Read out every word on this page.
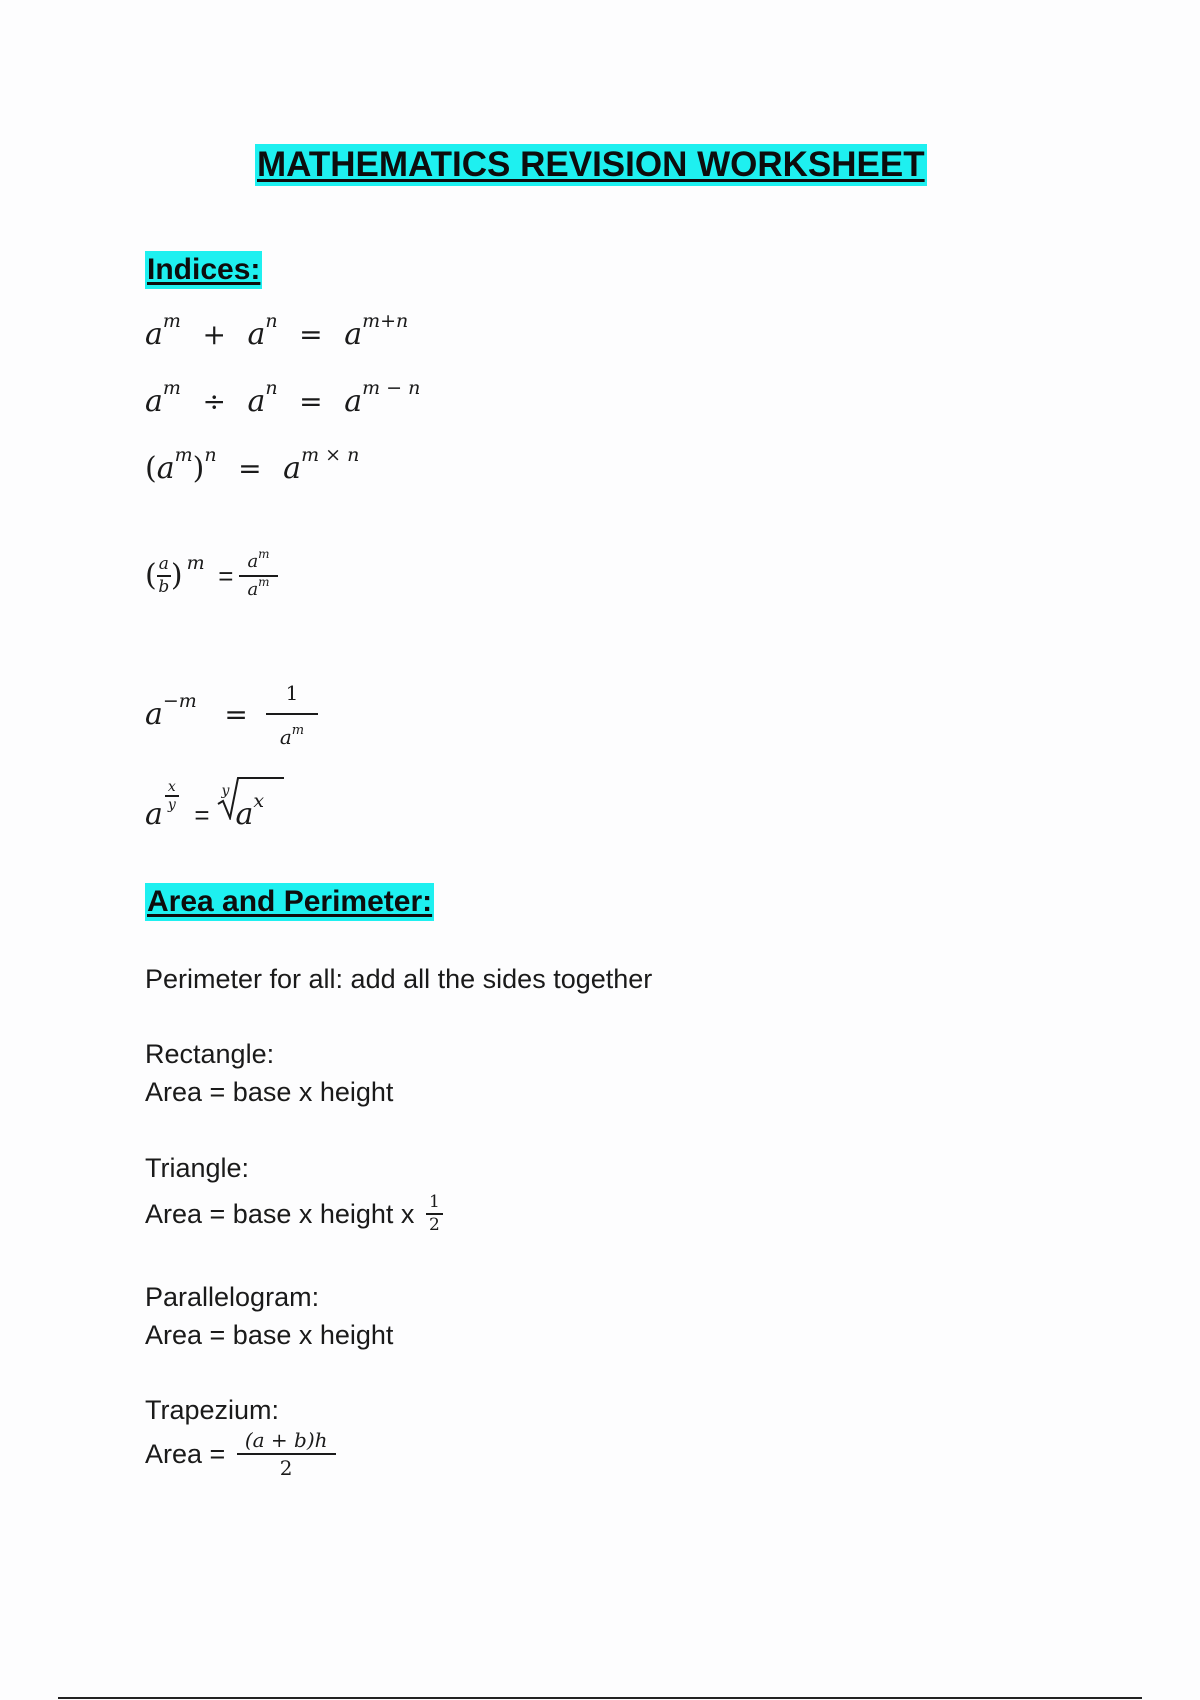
MATHEMATICS REVISION WORKSHEET
Indices:
$a^m + a^n = a^{m+n}$
$a^m \div a^n = a^{m - n}$
$(a^m)^n = a^{m \times n}$
( $\frac{a}{b}$ ) $^m = \frac{a^m}{a^m}$
$a^{-m} = \frac{1}{a^m}$
a
$\frac{x}{y}$
=
y
$a^x$
Area and Perimeter:
Perimeter for all: add all the sides together
Rectangle:
Area = base x height
Triangle:
Area = base x height x $\frac{1}{2}$
Parallelogram:
Area = base x height
Trapezium:
Area = $\frac{(a + b)h}{2}$
